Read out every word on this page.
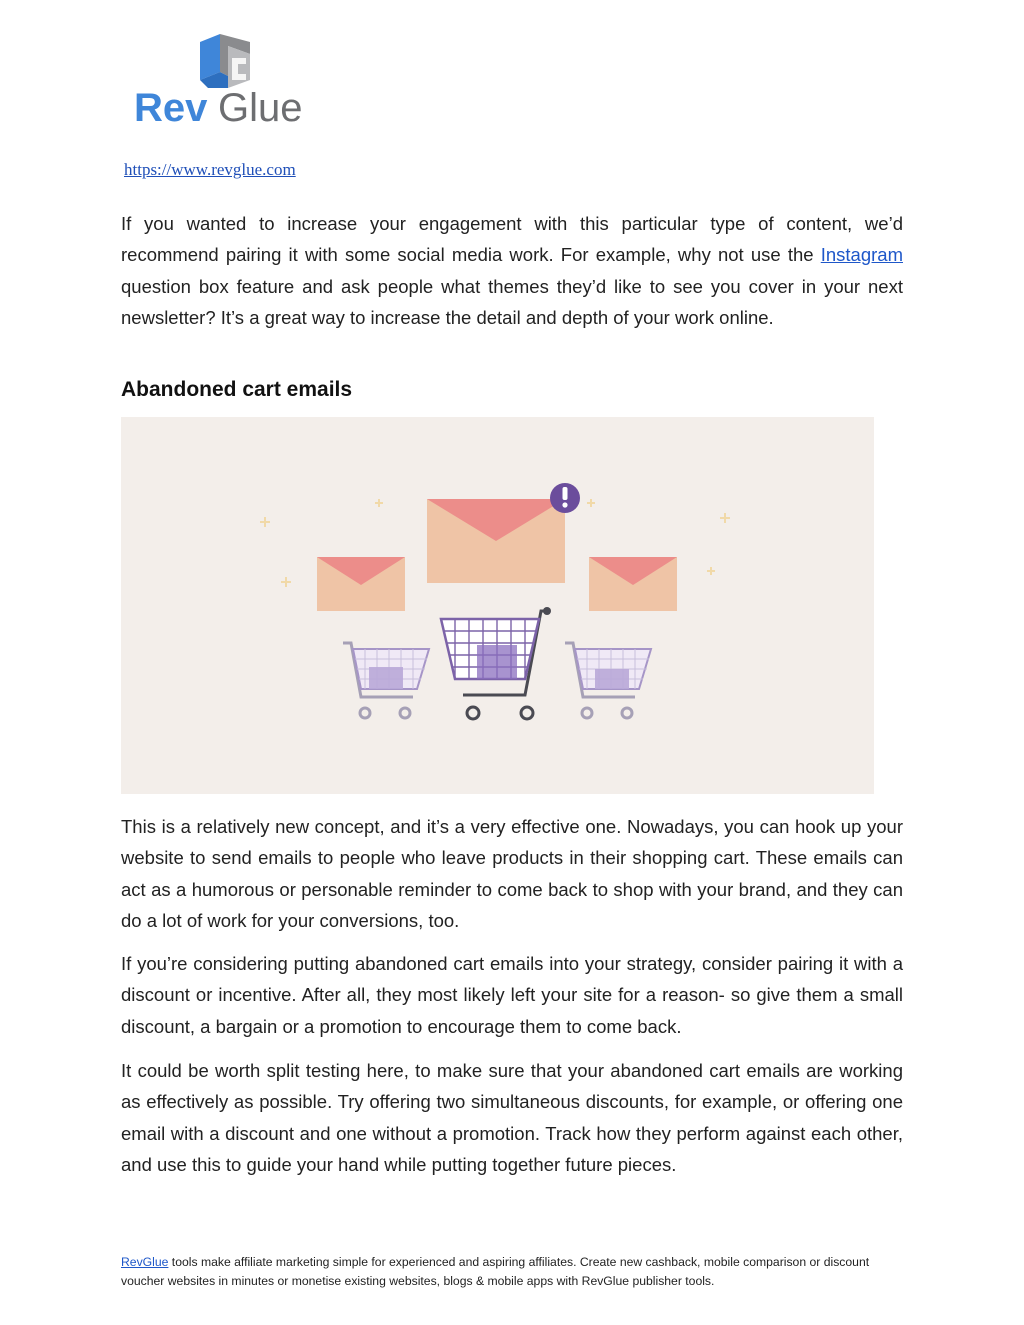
Rev Glue
https://www.revglue.com

If you wanted to increase your engagement with this particular type of content, we’d recommend pairing it with some social media work. For example, why not use the Instagram question box feature and ask people what themes they’d like to see you cover in your next newsletter? It’s a great way to increase the detail and depth of your work online.

Abandoned cart emails

This is a relatively new concept, and it’s a very effective one. Nowadays, you can hook up your website to send emails to people who leave products in their shopping cart. These emails can act as a humorous or personable reminder to come back to shop with your brand, and they can do a lot of work for your conversions, too.

If you’re considering putting abandoned cart emails into your strategy, consider pairing it with a discount or incentive. After all, they most likely left your site for a reason- so give them a small discount, a bargain or a promotion to encourage them to come back.

It could be worth split testing here, to make sure that your abandoned cart emails are working as effectively as possible. Try offering two simultaneous discounts, for example, or offering one email with a discount and one without a promotion. Track how they perform against each other, and use this to guide your hand while putting together future pieces.

RevGlue tools make affiliate marketing simple for experienced and aspiring affiliates. Create new cashback, mobile comparison or discount voucher websites in minutes or monetise existing websites, blogs & mobile apps with RevGlue publisher tools.
